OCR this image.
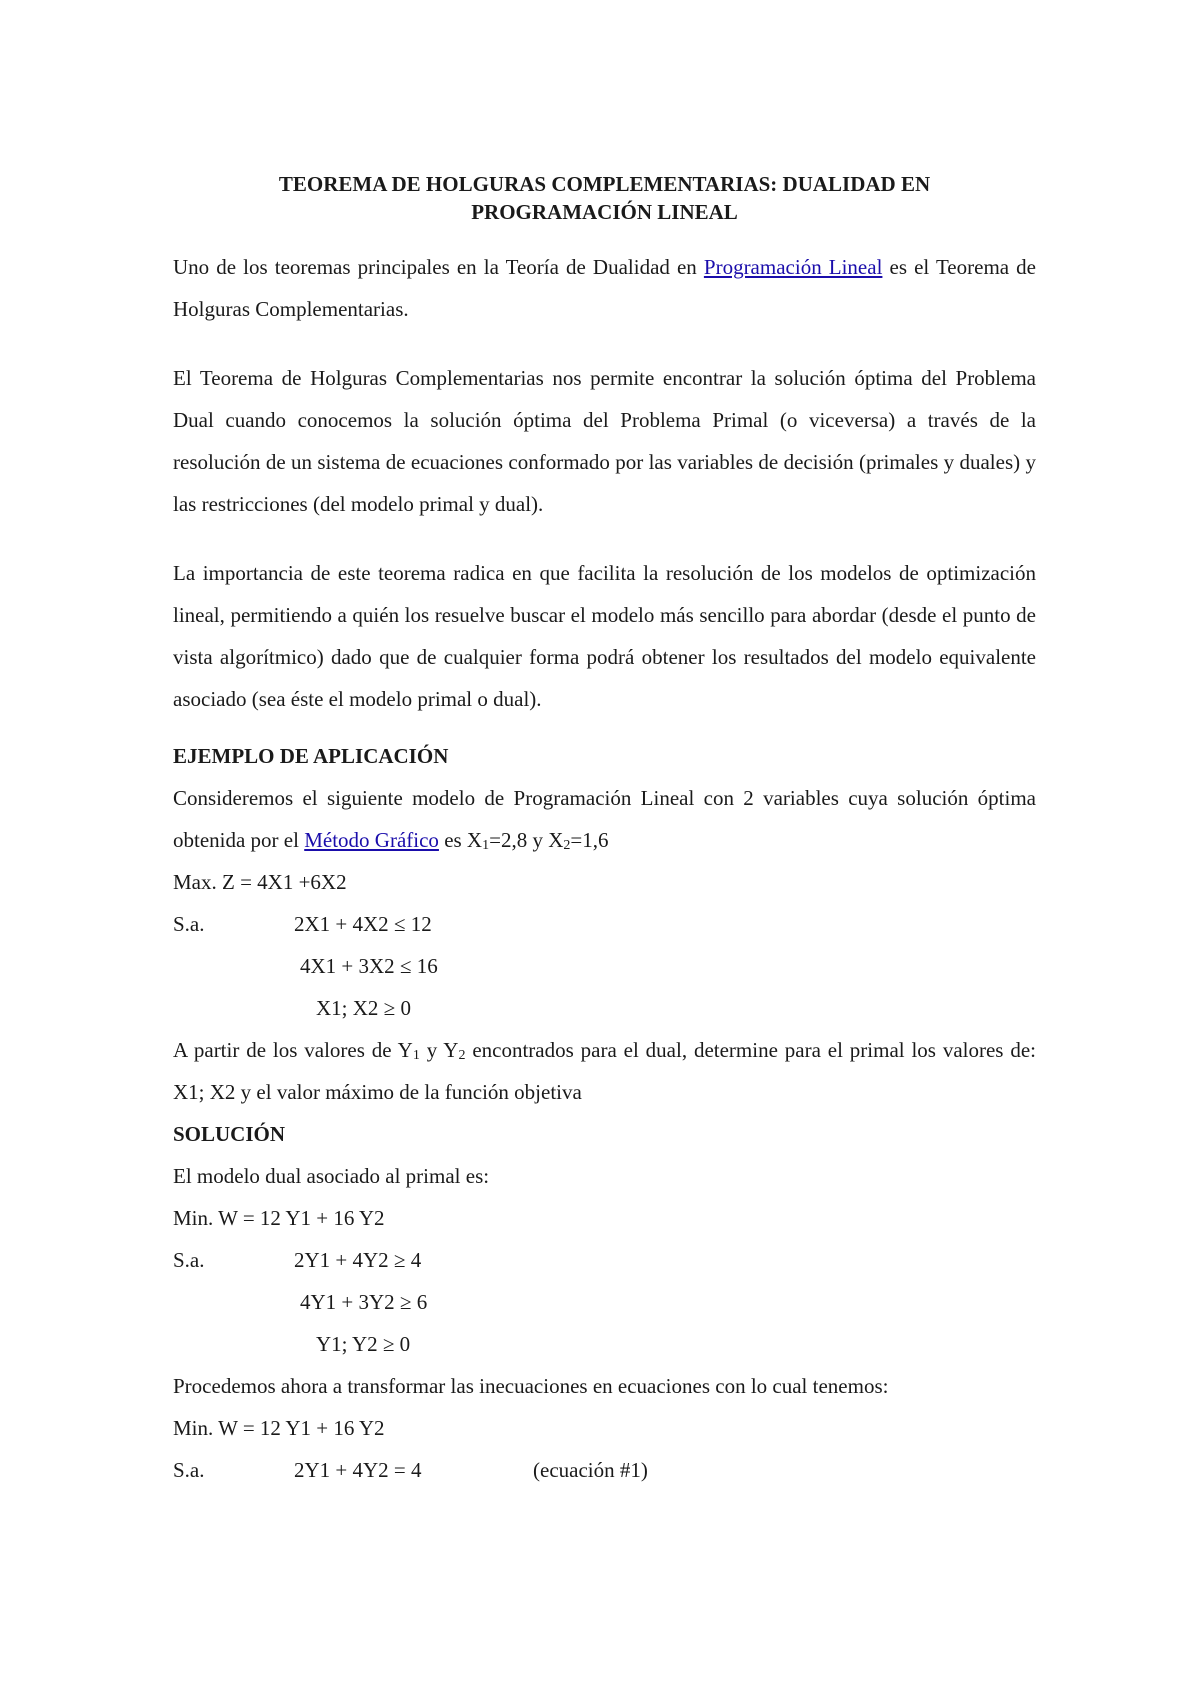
TEOREMA DE HOLGURAS COMPLEMENTARIAS: DUALIDAD EN
PROGRAMACIÓN LINEAL

Uno de los teoremas principales en la Teoría de Dualidad en Programación Lineal es el Teorema de Holguras Complementarias.

El Teorema de Holguras Complementarias nos permite encontrar la solución óptima del Problema Dual cuando conocemos la solución óptima del Problema Primal (o viceversa) a través de la resolución de un sistema de ecuaciones conformado por las variables de decisión (primales y duales) y las restricciones (del modelo primal y dual).

La importancia de este teorema radica en que facilita la resolución de los modelos de optimización lineal, permitiendo a quién los resuelve buscar el modelo más sencillo para abordar (desde el punto de vista algorítmico) dado que de cualquier forma podrá obtener los resultados del modelo equivalente asociado (sea éste el modelo primal o dual).

EJEMPLO DE APLICACIÓN

Consideremos el siguiente modelo de Programación Lineal con 2 variables cuya solución óptima obtenida por el Método Gráfico es $X_1=2,8$ y $X_2=1,6$

Max. Z = 4X1 +6X2
S.a.	2X1 + 4X2 ≤ 12
4X1 + 3X2 ≤ 16
X1; X2 ≥ 0

A partir de los valores de $Y_1$ y $Y_2$ encontrados para el dual, determine para el primal los valores de: X1; X2 y el valor máximo de la función objetiva

SOLUCIÓN

El modelo dual asociado al primal es:

Min. W = 12 Y1 + 16 Y2
S.a.	2Y1 + 4Y2 ≥ 4
4Y1 + 3Y2 ≥ 6
Y1; Y2 ≥ 0

Procedemos ahora a transformar las inecuaciones en ecuaciones con lo cual tenemos:

Min. W = 12 Y1 + 16 Y2
S.a.	2Y1 + 4Y2 = 4	(ecuación #1)
